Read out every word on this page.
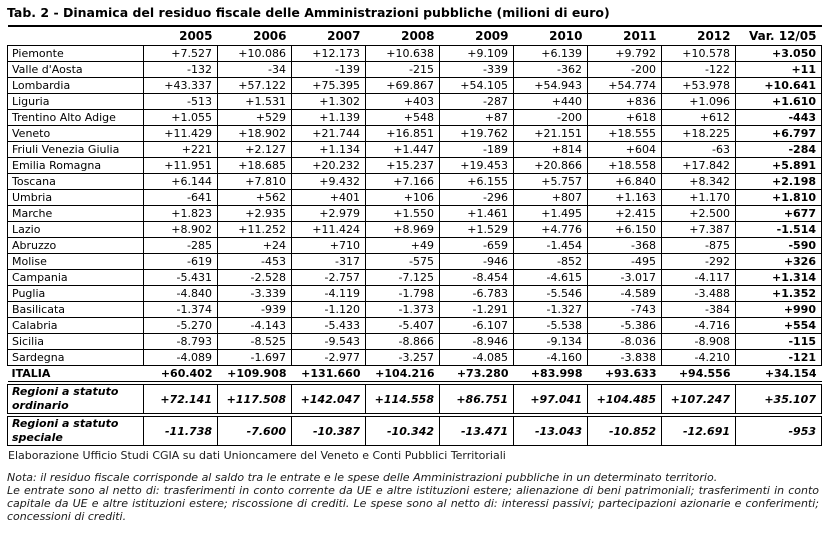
Tab. 2 - Dinamica del residuo fiscale delle Amministrazioni pubbliche (milioni di euro)

	2005	2006	2007	2008	2009	2010	2011	2012	Var. 12/05
Piemonte	+7.527	+10.086	+12.173	+10.638	+9.109	+6.139	+9.792	+10.578	+3.050
Valle d'Aosta	-132	-34	-139	-215	-339	-362	-200	-122	+11
Lombardia	+43.337	+57.122	+75.395	+69.867	+54.105	+54.943	+54.774	+53.978	+10.641
Liguria	-513	+1.531	+1.302	+403	-287	+440	+836	+1.096	+1.610
Trentino Alto Adige	+1.055	+529	+1.139	+548	+87	-200	+618	+612	-443
Veneto	+11.429	+18.902	+21.744	+16.851	+19.762	+21.151	+18.555	+18.225	+6.797
Friuli Venezia Giulia	+221	+2.127	+1.134	+1.447	-189	+814	+604	-63	-284
Emilia Romagna	+11.951	+18.685	+20.232	+15.237	+19.453	+20.866	+18.558	+17.842	+5.891
Toscana	+6.144	+7.810	+9.432	+7.166	+6.155	+5.757	+6.840	+8.342	+2.198
Umbria	-641	+562	+401	+106	-296	+807	+1.163	+1.170	+1.810
Marche	+1.823	+2.935	+2.979	+1.550	+1.461	+1.495	+2.415	+2.500	+677
Lazio	+8.902	+11.252	+11.424	+8.969	+1.529	+4.776	+6.150	+7.387	-1.514
Abruzzo	-285	+24	+710	+49	-659	-1.454	-368	-875	-590
Molise	-619	-453	-317	-575	-946	-852	-495	-292	+326
Campania	-5.431	-2.528	-2.757	-7.125	-8.454	-4.615	-3.017	-4.117	+1.314
Puglia	-4.840	-3.339	-4.119	-1.798	-6.783	-5.546	-4.589	-3.488	+1.352
Basilicata	-1.374	-939	-1.120	-1.373	-1.291	-1.327	-743	-384	+990
Calabria	-5.270	-4.143	-5.433	-5.407	-6.107	-5.538	-5.386	-4.716	+554
Sicilia	-8.793	-8.525	-9.543	-8.866	-8.946	-9.134	-8.036	-8.908	-115
Sardegna	-4.089	-1.697	-2.977	-3.257	-4.085	-4.160	-3.838	-4.210	-121
ITALIA	+60.402	+109.908	+131.660	+104.216	+73.280	+83.998	+93.633	+94.556	+34.154
Regioni a statuto ordinario	+72.141	+117.508	+142.047	+114.558	+86.751	+97.041	+104.485	+107.247	+35.107
Regioni a statuto speciale	-11.738	-7.600	-10.387	-10.342	-13.471	-13.043	-10.852	-12.691	-953

Elaborazione Ufficio Studi CGIA su dati Unioncamere del Veneto e Conti Pubblici Territoriali

Nota: il residuo fiscale corrisponde al saldo tra le entrate e le spese delle Amministrazioni pubbliche in un determinato territorio.

Le entrate sono al netto di: trasferimenti in conto corrente da UE e altre istituzioni estere; alienazione di beni patrimoniali; trasferimenti in conto capitale da UE e altre istituzioni estere; riscossione di crediti. Le spese sono al netto di: interessi passivi; partecipazioni azionarie e conferimenti; concessioni di crediti.
